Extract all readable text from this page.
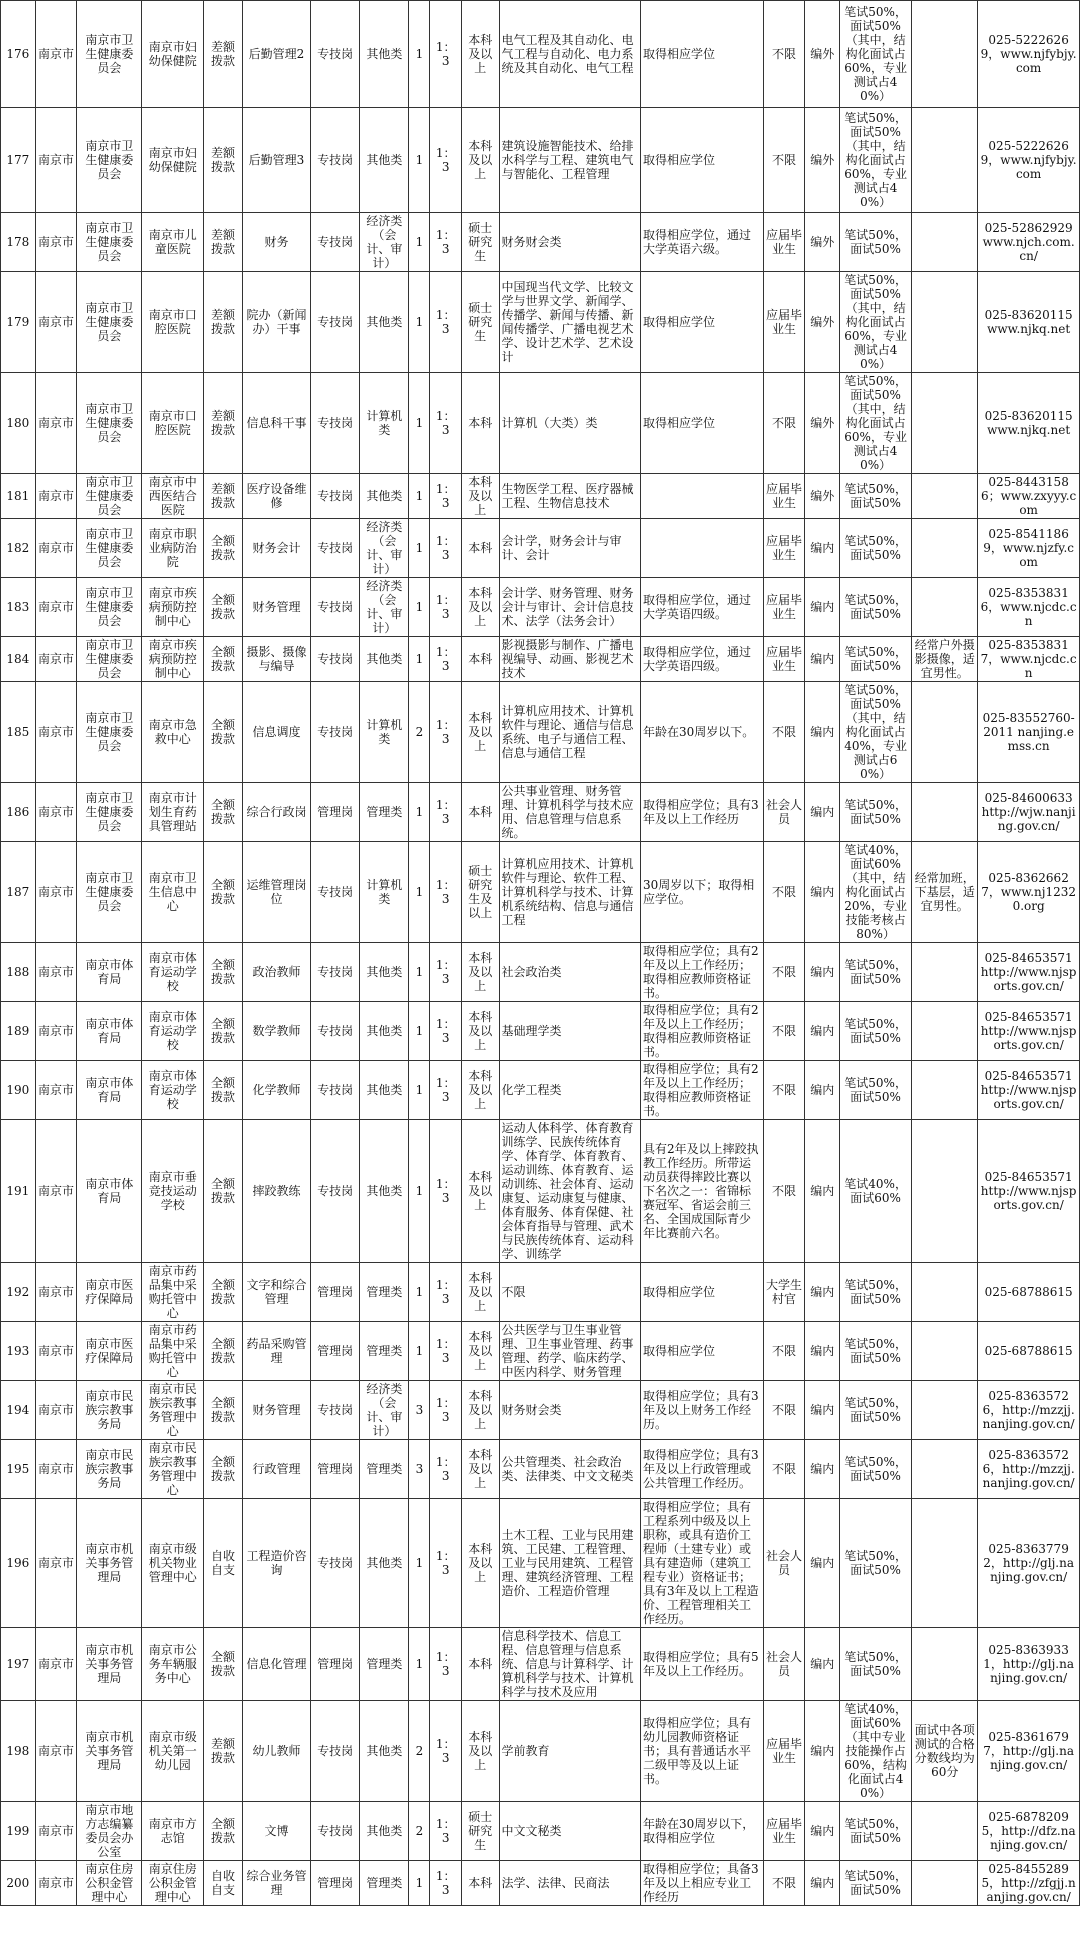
176	南京市	南京市卫生健康委员会	南京市妇幼保健院	差额拨款	后勤管理2	专技岗	其他类	1	1：3	本科及以上	电气工程及其自动化、电气工程与自动化、电力系统及其自动化、电气工程	取得相应学位	不限	编外	笔试50%，面试50%（其中，结构化面试占60%，专业测试占40%）		025-52226269，www.njfybjy.com
177	南京市	南京市卫生健康委员会	南京市妇幼保健院	差额拨款	后勤管理3	专技岗	其他类	1	1：3	本科及以上	建筑设施智能技术、给排水科学与工程、建筑电气与智能化、工程管理	取得相应学位	不限	编外	笔试50%，面试50%（其中，结构化面试占60%，专业测试占40%）		025-52226269，www.njfybjy.com
178	南京市	南京市卫生健康委员会	南京市儿童医院	差额拨款	财务	专技岗	经济类（会计、审计）	1	1：3	硕士研究生	财务财会类	取得相应学位，通过大学英语六级。	应届毕业生	编外	笔试50%，面试50%		025-52862929 www.njch.com.cn/
179	南京市	南京市卫生健康委员会	南京市口腔医院	差额拨款	院办（新闻办）干事	专技岗	其他类	1	1：3	硕士研究生	中国现当代文学、比较文学与世界文学、新闻学、传播学、新闻与传播、新闻传播学、广播电视艺术学、设计艺术学、艺术设计	取得相应学位	应届毕业生	编外	笔试50%，面试50%（其中，结构化面试占60%，专业测试占40%）		025-83620115 www.njkq.net
180	南京市	南京市卫生健康委员会	南京市口腔医院	差额拨款	信息科干事	专技岗	计算机类	1	1：3	本科	计算机（大类）类	取得相应学位	不限	编外	笔试50%，面试50%（其中，结构化面试占60%，专业测试占40%）		025-83620115 www.njkq.net
181	南京市	南京市卫生健康委员会	南京市中西医结合医院	差额拨款	医疗设备维修	专技岗	其他类	1	1：3	本科及以上	生物医学工程、医疗器械工程、生物信息技术		应届毕业生	编外	笔试50%，面试50%		025-84431586；www.zxyyy.com
182	南京市	南京市卫生健康委员会	南京市职业病防治院	全额拨款	财务会计	专技岗	经济类（会计、审计）	1	1：3	本科	会计学，财务会计与审计、会计		应届毕业生	编内	笔试50%，面试50%		025-85411869，www.njzfy.com
183	南京市	南京市卫生健康委员会	南京市疾病预防控制中心	全额拨款	财务管理	专技岗	经济类（会计、审计）	1	1：3	本科及以上	会计学、财务管理、财务会计与审计、会计信息技术、法学（法务会计）	取得相应学位，通过大学英语四级。	应届毕业生	编内	笔试50%，面试50%		025-83538316，www.njcdc.cn
184	南京市	南京市卫生健康委员会	南京市疾病预防控制中心	全额拨款	摄影、摄像与编导	专技岗	其他类	1	1：3	本科	影视摄影与制作、广播电视编导、动画、影视艺术技术	取得相应学位，通过大学英语四级。	应届毕业生	编内	笔试50%，面试50%	经常户外摄影摄像，适宜男性。	025-83538317，www.njcdc.cn
185	南京市	南京市卫生健康委员会	南京市急救中心	全额拨款	信息调度	专技岗	计算机类	2	1：3	本科及以上	计算机应用技术、计算机软件与理论、通信与信息系统、电子与通信工程、信息与通信工程	年龄在30周岁以下。	不限	编内	笔试50%，面试50%（其中，结构化面试占40%，专业测试占60%）		025-83552760-2011 nanjing.emss.cn
186	南京市	南京市卫生健康委员会	南京市计划生育药具管理站	全额拨款	综合行政岗	管理岗	管理类	1	1：3	本科	公共事业管理、财务管理、计算机科学与技术应用、信息管理与信息系统。	取得相应学位；具有3年及以上工作经历	社会人员	编内	笔试50%，面试50%		025-84600633 http://wjw.nanjing.gov.cn/
187	南京市	南京市卫生健康委员会	南京市卫生信息中心	全额拨款	运维管理岗位	专技岗	计算机类	1	1：3	硕士研究生及以上	计算机应用技术、计算机软件与理论、软件工程、计算机科学与技术、计算机系统结构、信息与通信工程	30周岁以下；取得相应学位。	不限	编内	笔试40%，面试60%（其中，结构化面试占20%，专业技能考核占80%）	经常加班，下基层，适宜男性。	025-83626627，www.nj12320.org
188	南京市	南京市体育局	南京市体育运动学校	全额拨款	政治教师	专技岗	其他类	1	1：3	本科及以上	社会政治类	取得相应学位；具有2年及以上工作经历；取得相应教师资格证书。	不限	编内	笔试50%，面试50%		025-84653571 http://www.njsports.gov.cn/
189	南京市	南京市体育局	南京市体育运动学校	全额拨款	数学教师	专技岗	其他类	1	1：3	本科及以上	基础理学类	取得相应学位；具有2年及以上工作经历；取得相应教师资格证书。	不限	编内	笔试50%，面试50%		025-84653571 http://www.njsports.gov.cn/
190	南京市	南京市体育局	南京市体育运动学校	全额拨款	化学教师	专技岗	其他类	1	1：3	本科及以上	化学工程类	取得相应学位；具有2年及以上工作经历；取得相应教师资格证书。	不限	编内	笔试50%，面试50%		025-84653571 http://www.njsports.gov.cn/
191	南京市	南京市体育局	南京市垂竞技运动学校	全额拨款	摔跤教练	专技岗	其他类	1	1：3	本科及以上	运动人体科学、体育教育训练学、民族传统体育学、体育学、体育教育、运动训练、体育教育、运动训练、社会体育、运动康复、运动康复与健康、体育服务、体育保健、社会体育指导与管理、武术与民族传统体育、运动科学、训练学	具有2年及以上摔跤执教工作经历。所带运动员获得摔跤比赛以下名次之一：省锦标赛冠军、省运会前三名、全国成国际青少年比赛前六名。	不限	编内	笔试40%，面试60%		025-84653571 http://www.njsports.gov.cn/
192	南京市	南京市医疗保障局	南京市药品集中采购托管中心	全额拨款	文字和综合管理	管理岗	管理类	1	1：3	本科及以上	不限	取得相应学位	大学生村官	编内	笔试50%，面试50%		025-68788615
193	南京市	南京市医疗保障局	南京市药品集中采购托管中心	全额拨款	药品采购管理	管理岗	管理类	1	1：3	本科及以上	公共医学与卫生事业管理、卫生事业管理、药事管理、药学、临床药学、中医内科学、财务管理	取得相应学位	不限	编内	笔试50%，面试50%		025-68788615
194	南京市	南京市民族宗教事务局	南京市民族宗教事务管理中心	全额拨款	财务管理	专技岗	经济类（会计、审计）	3	1：3	本科及以上	财务财会类	取得相应学位；具有3年及以上财务工作经历。	不限	编内	笔试50%，面试50%		025-83635726，http://mzzjj.nanjing.gov.cn/
195	南京市	南京市民族宗教事务局	南京市民族宗教事务管理中心	全额拨款	行政管理	管理岗	管理类	3	1：3	本科及以上	公共管理类、社会政治类、法律类、中文文秘类	取得相应学位；具有3年及以上行政管理或公共管理工作经历。	不限	编内	笔试50%，面试50%		025-83635726，http://mzzjj.nanjing.gov.cn/
196	南京市	南京市机关事务管理局	南京市级机关物业管理中心	自收自支	工程造价咨询	专技岗	其他类	1	1：3	本科及以上	土木工程、工业与民用建筑、工民建、工程管理、工业与民用建筑、工程管理、建筑经济管理、工程造价、工程造价管理	取得相应学位；具有工程系列中级及以上职称，或具有造价工程师（土建专业）或具有建造师（建筑工程专业）资格证书；具有3年及以上工程造价、工程管理相关工作经历。	社会人员	编内	笔试50%，面试50%		025-83637792，http://glj.nanjing.gov.cn/
197	南京市	南京市机关事务管理局	南京市公务车辆服务中心	全额拨款	信息化管理	管理岗	管理类	1	1：3	本科	信息科学技术、信息工程、信息管理与信息系统、信息与计算科学、计算机科学与技术、计算机科学与技术及应用	取得相应学位；具有5年及以上工作经历。	社会人员	编内	笔试50%，面试50%		025-83639331，http://glj.nanjing.gov.cn/
198	南京市	南京市机关事务管理局	南京市级机关第一幼儿园	差额拨款	幼儿教师	专技岗	其他类	2	1：3	本科及以上	学前教育	取得相应学位；具有幼儿园教师资格证书；具有普通话水平二级甲等及以上证书。	应届毕业生	编内	笔试40%，面试60%（其中专业技能操作占60%，结构化面试占40%）	面试中各项测试的合格分数线均为60分	025-83616797，http://glj.nanjing.gov.cn/
199	南京市	南京市地方志编纂委员会办公室	南京市方志馆	全额拨款	文博	专技岗	其他类	2	1：3	硕士研究生	中文文秘类	年龄在30周岁以下，取得相应学位	应届毕业生	编内	笔试50%，面试50%		025-68782095，http://dfz.nanjing.gov.cn/
200	南京市	南京住房公积金管理中心	南京住房公积金管理中心	自收自支	综合业务管理	管理岗	管理类	1	1：3	本科	法学、法律、民商法	取得相应学位；具备3年及以上相应专业工作经历	不限	编内	笔试50%，面试50%		025-84552895，http://zfgjj.nanjing.gov.cn/
